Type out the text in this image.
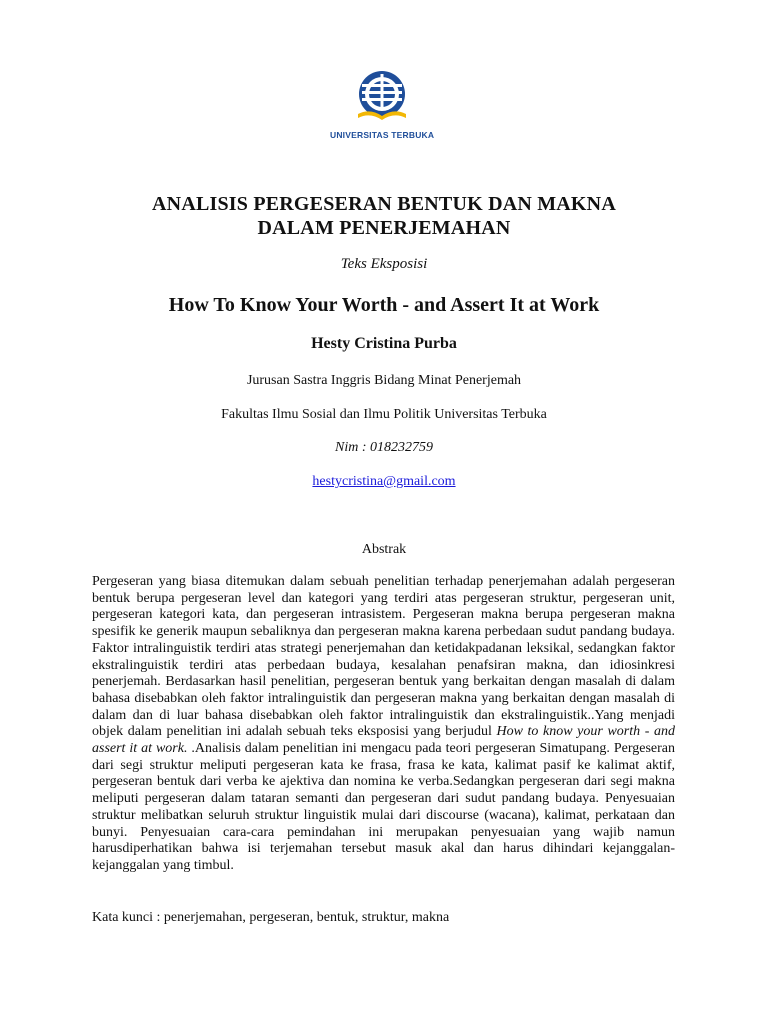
UNIVERSITAS TERBUKA
ANALISIS PERGESERAN BENTUK DAN MAKNA
DALAM PENERJEMAHAN
Teks Eksposisi
How To Know Your Worth - and Assert It at Work
Hesty Cristina Purba
Jurusan Sastra Inggris Bidang Minat Penerjemah
Fakultas Ilmu Sosial dan Ilmu Politik Universitas Terbuka
Nim : 018232759
hestycristina@gmail.com
Abstrak

Pergeseran yang biasa ditemukan dalam sebuah penelitian terhadap penerjemahan adalah pergeseran bentuk berupa pergeseran level dan kategori yang terdiri atas pergeseran struktur, pergeseran unit, pergeseran kategori kata, dan pergeseran intrasistem. Pergeseran makna berupa pergeseran makna spesifik ke generik maupun sebaliknya dan pergeseran makna karena perbedaan sudut pandang budaya. Faktor intralinguistik terdiri atas strategi penerjemahan dan ketidakpadanan leksikal, sedangkan faktor ekstralinguistik terdiri atas perbedaan budaya, kesalahan penafsiran makna, dan idiosinkresi penerjemah. Berdasarkan hasil penelitian, pergeseran bentuk yang berkaitan dengan masalah di dalam bahasa disebabkan oleh faktor intralinguistik dan pergeseran makna yang berkaitan dengan masalah di dalam dan di luar bahasa disebabkan oleh faktor intralinguistik dan ekstralinguistik..Yang menjadi objek dalam penelitian ini adalah sebuah teks eksposisi yang berjudul How to know your worth - and assert it at work. .Analisis dalam penelitian ini mengacu pada teori pergeseran Simatupang. Pergeseran dari segi struktur meliputi pergeseran kata ke frasa, frasa ke kata, kalimat pasif ke kalimat aktif, pergeseran bentuk dari verba ke ajektiva dan nomina ke verba.Sedangkan pergeseran dari segi makna meliputi pergeseran dalam tataran semanti dan pergeseran dari sudut pandang budaya. Penyesuaian struktur melibatkan seluruh struktur linguistik mulai dari discourse (wacana), kalimat, perkataan dan bunyi. Penyesuaian cara-cara pemindahan ini merupakan penyesuaian yang wajib namun harusdiperhatikan bahwa isi terjemahan tersebut masuk akal dan harus dihindari kejanggalan-kejanggalan yang timbul.

Kata kunci : penerjemahan, pergeseran, bentuk, struktur, makna
